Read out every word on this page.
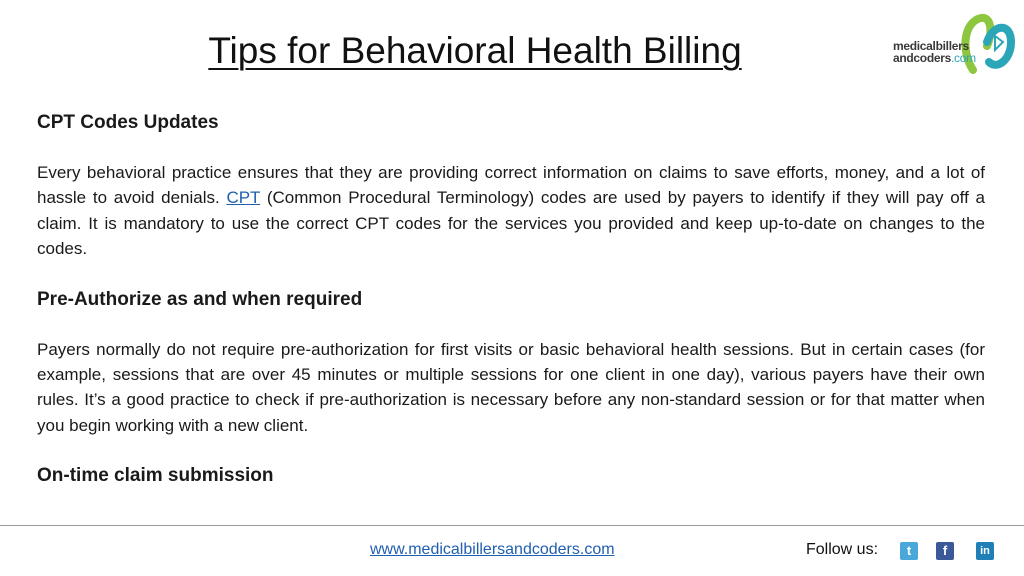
Tips for Behavioral Health Billing	medicalbillers
andcoders.com
CPT Codes Updates

Every behavioral practice ensures that they are providing correct information on claims to save efforts, money, and a lot of hassle to avoid denials. CPT (Common Procedural Terminology) codes are used by payers to identify if they will pay off a claim. It is mandatory to use the correct CPT codes for the services you provided and keep up-to-date on changes to the codes.

Pre-Authorize as and when required

Payers normally do not require pre-authorization for first visits or basic behavioral health sessions. But in certain cases (for example, sessions that are over 45 minutes or multiple sessions for one client in one day), various payers have their own rules. It’s a good practice to check if pre-authorization is necessary before any non-standard session or for that matter when you begin working with a new client.

On-time claim submission
www.medicalbillersandcoders.com	Follow us:	t	f	in
